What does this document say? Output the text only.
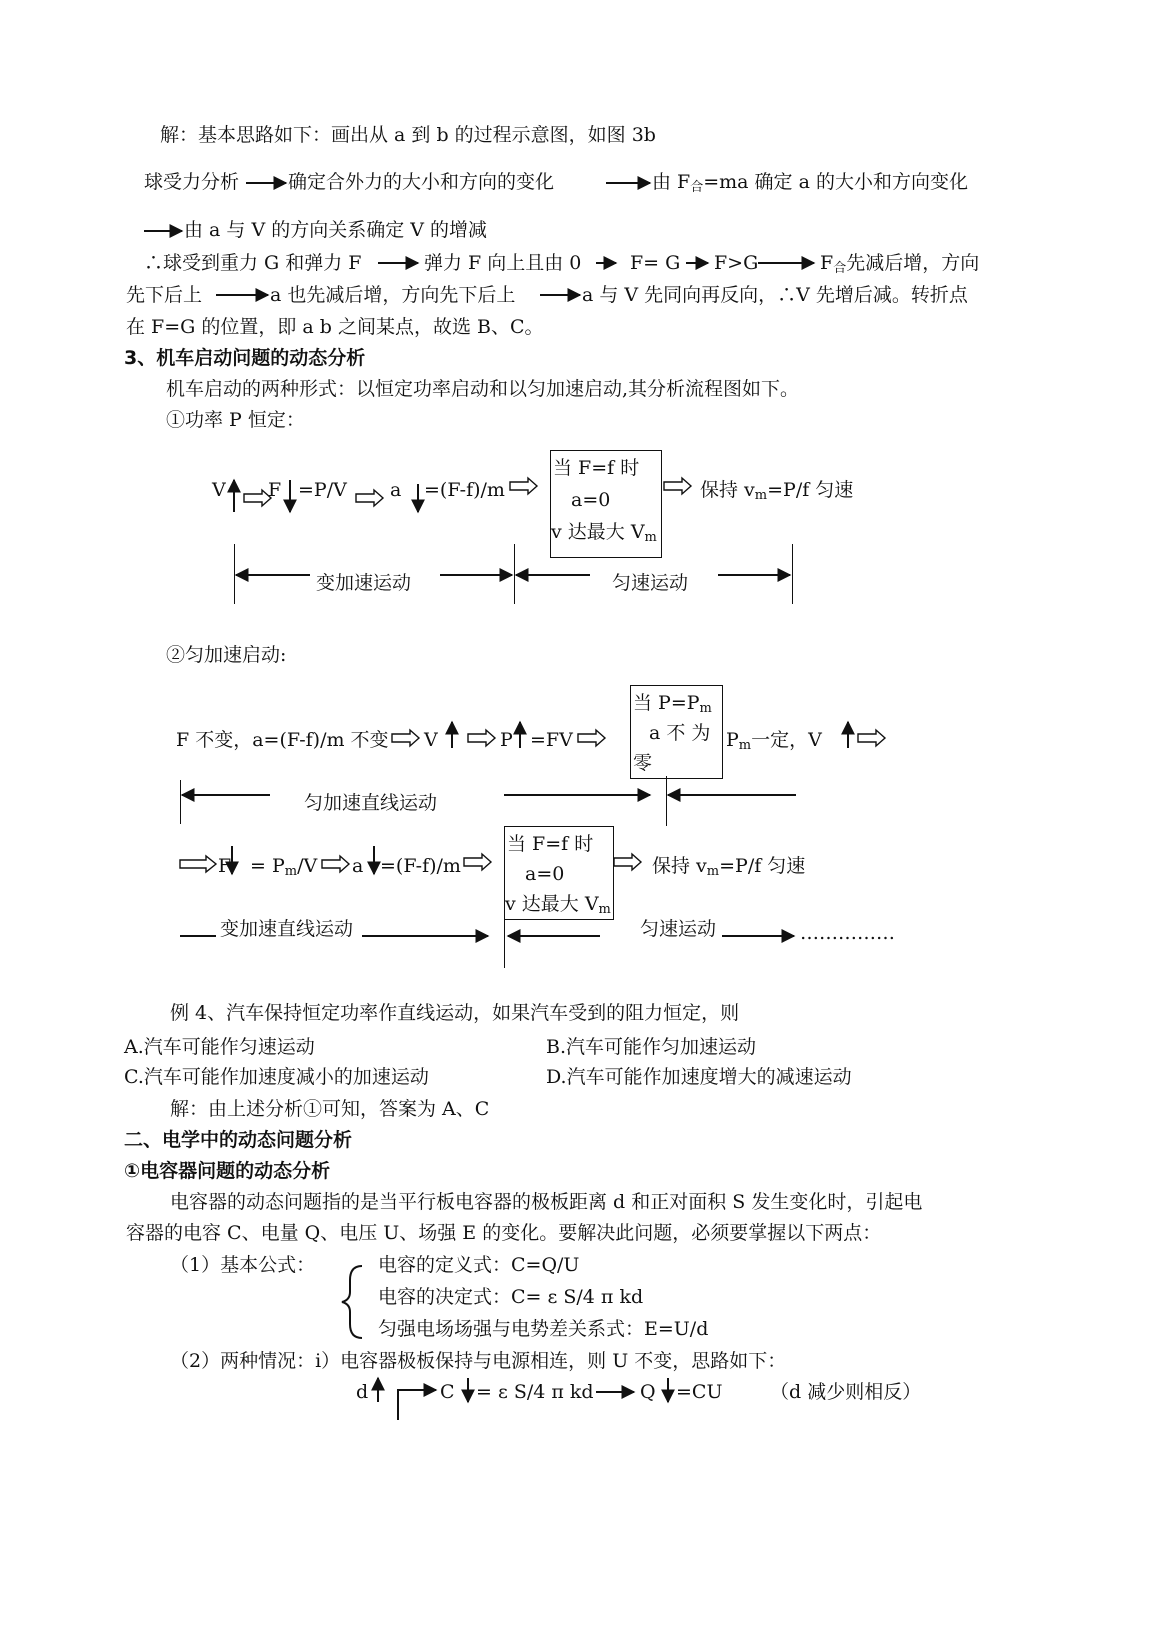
解：基本思路如下：画出从 a 到 b 的过程示意图，如图 3b
球受力分析	确定合外力的大小和方向的变化	由 $F_合=ma$ 确定 a 的大小和方向变化
由 a 与 V 的方向关系确定 V 的增减
∴球受到重力 G 和弹力 F	弹力 F 向上且由 0	F= G F>G	$F_合$先减后增，方向
先下后上	a 也先减后增，方向先下后上	a 与 V 先同向再反向，∴V 先增后减。转折点
在 F=G 的位置，即 a b 之间某点，故选 B、C。
3、机车启动问题的动态分析
机车启动的两种形式：以恒定功率启动和以匀加速启动,其分析流程图如下。
①功率 P 恒定：
V F =P/V a =(F-f)/m
当 F=f 时
a=0
v 达最大 $V_m$
保持 $v_m=P/f$ 匀速
变加速运动	匀速运动
②匀加速启动:
F 不变，a=(F-f)/m 不变 V	P =FV
当 $P=P_m$
a 不 为
零
$P_m$一定，V
匀加速直线运动
$F = P_m/V$ a =(F-f)/m
当 F=f 时
a=0
v 达最大 $V_m$
保持 $v_m=P/f$ 匀速
变加速直线运动	匀速运动	……………
例 4、汽车保持恒定功率作直线运动，如果汽车受到的阻力恒定，则
A.汽车可能作匀速运动	B.汽车可能作匀加速运动
C.汽车可能作加速度减小的加速运动	D.汽车可能作加速度增大的减速运动
解：由上述分析①可知，答案为 A、C
二、电学中的动态问题分析
①电容器问题的动态分析
电容器的动态问题指的是当平行板电容器的极板距离 d 和正对面积 S 发生变化时，引起电
容器的电容 C、电量 Q、电压 U、场强 E 的变化。要解决此问题，必须要掌握以下两点：
（1）基本公式：	电容的定义式：C=Q/U
电容的决定式：C= ε S/4 π kd
匀强电场场强与电势差关系式：E=U/d
（2）两种情况：i）电容器极板保持与电源相连，则 U 不变，思路如下：
d	C = ε S/4 π kd Q =CU	（d 减少则相反）
